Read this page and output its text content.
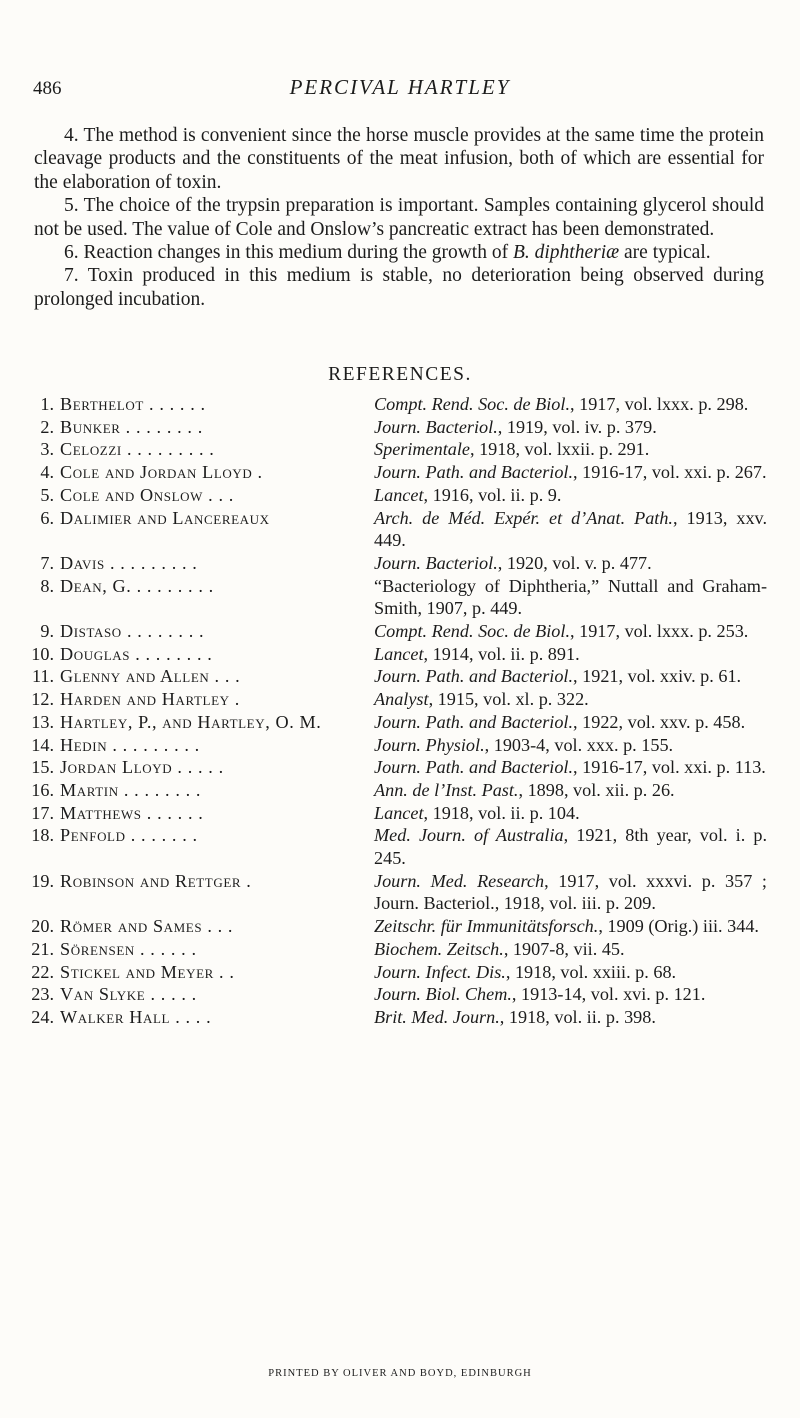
486	PERCIVAL HARTLEY

4. The method is convenient since the horse muscle provides at the same time the protein cleavage products and the constituents of the meat infusion, both of which are essential for the elaboration of toxin.

5. The choice of the trypsin preparation is important. Samples containing glycerol should not be used. The value of Cole and Onslow’s pancreatic extract has been demonstrated.

6. Reaction changes in this medium during the growth of B. diphtheriæ are typical.

7. Toxin produced in this medium is stable, no deterioration being observed during prolonged incubation.

REFERENCES.
1. Berthelot . . . . . .	Compt. Rend. Soc. de Biol., 1917, vol. lxxx. p. 298.
2. Bunker . . . . . . . .	Journ. Bacteriol., 1919, vol. iv. p. 379.
3. Celozzi . . . . . . . . .	Sperimentale, 1918, vol. lxxii. p. 291.
4. Cole and Jordan Lloyd .	Journ. Path. and Bacteriol., 1916-17, vol. xxi. p. 267.
5. Cole and Onslow . . .	Lancet, 1916, vol. ii. p. 9.
6. Dalimier and Lancereaux	Arch. de Méd. Expér. et d’Anat. Path., 1913, xxv. 449.
7. Davis . . . . . . . . .	Journ. Bacteriol., 1920, vol. v. p. 477.
8. Dean, G. . . . . . . . .	“Bacteriology of Diphtheria,” Nuttall and Graham-Smith, 1907, p. 449.
9. Distaso . . . . . . . .	Compt. Rend. Soc. de Biol., 1917, vol. lxxx. p. 253.
10. Douglas . . . . . . . .	Lancet, 1914, vol. ii. p. 891.
11. Glenny and Allen . . .	Journ. Path. and Bacteriol., 1921, vol. xxiv. p. 61.
12. Harden and Hartley .	Analyst, 1915, vol. xl. p. 322.
13. Hartley, P., and Hartley, O. M.	Journ. Path. and Bacteriol., 1922, vol. xxv. p. 458.
14. Hedin . . . . . . . . .	Journ. Physiol., 1903-4, vol. xxx. p. 155.
15. Jordan Lloyd . . . . .	Journ. Path. and Bacteriol., 1916-17, vol. xxi. p. 113.
16. Martin . . . . . . . .	Ann. de l’Inst. Past., 1898, vol. xii. p. 26.
17. Matthews . . . . . .	Lancet, 1918, vol. ii. p. 104.
18. Penfold . . . . . . .	Med. Journ. of Australia, 1921, 8th year, vol. i. p. 245.
19. Robinson and Rettger .	Journ. Med. Research, 1917, vol. xxxvi. p. 357 ; Journ. Bacteriol., 1918, vol. iii. p. 209.
20. Römer and Sames . . .	Zeitschr. für Immunitätsforsch., 1909 (Orig.) iii. 344.
21. Sörensen . . . . . .	Biochem. Zeitsch., 1907-8, vii. 45.
22. Stickel and Meyer . .	Journ. Infect. Dis., 1918, vol. xxiii. p. 68.
23. Van Slyke . . . . .	Journ. Biol. Chem., 1913-14, vol. xvi. p. 121.
24. Walker Hall . . . .	Brit. Med. Journ., 1918, vol. ii. p. 398.
PRINTED BY OLIVER AND BOYD, EDINBURGH
